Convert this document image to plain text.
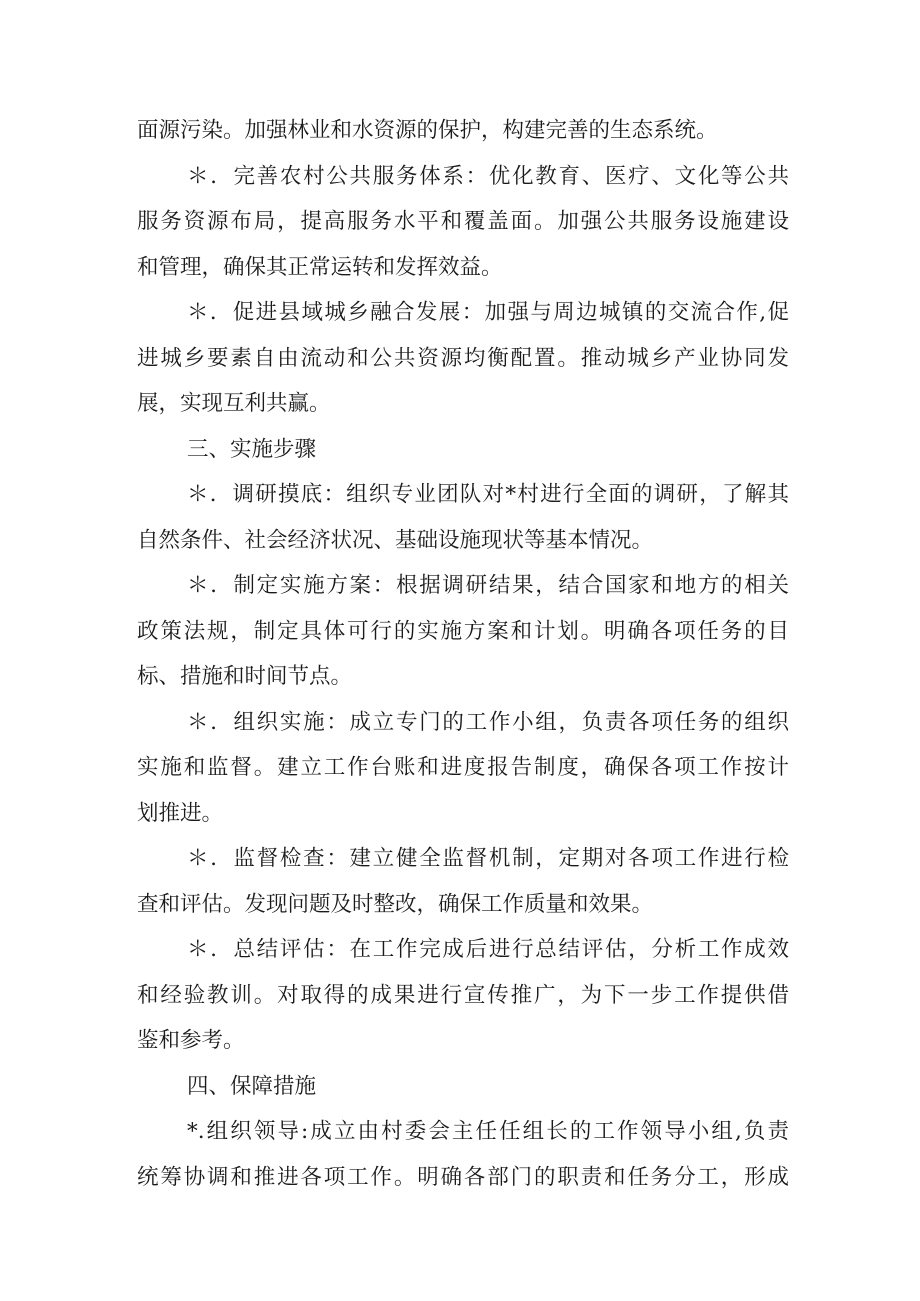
面源污染。加强林业和水资源的保护，构建完善的生态系统。
＊．完善农村公共服务体系：优化教育、医疗、文化等公共
服务资源布局，提高服务水平和覆盖面。加强公共服务设施建设
和管理，确保其正常运转和发挥效益。
＊．促进县域城乡融合发展：加强与周边城镇的交流合作,促
进城乡要素自由流动和公共资源均衡配置。推动城乡产业协同发
展，实现互利共赢。
三、实施步骤
＊．调研摸底：组织专业团队对*村进行全面的调研，了解其
自然条件、社会经济状况、基础设施现状等基本情况。
＊．制定实施方案：根据调研结果，结合国家和地方的相关
政策法规，制定具体可行的实施方案和计划。明确各项任务的目
标、措施和时间节点。
＊．组织实施：成立专门的工作小组，负责各项任务的组织
实施和监督。建立工作台账和进度报告制度，确保各项工作按计
划推进。
＊．监督检查：建立健全监督机制，定期对各项工作进行检
查和评估。发现问题及时整改，确保工作质量和效果。
＊．总结评估：在工作完成后进行总结评估，分析工作成效
和经验教训。对取得的成果进行宣传推广，为下一步工作提供借
鉴和参考。
四、保障措施
*.组织领导:成立由村委会主任任组长的工作领导小组,负责
统筹协调和推进各项工作。明确各部门的职责和任务分工，形成
